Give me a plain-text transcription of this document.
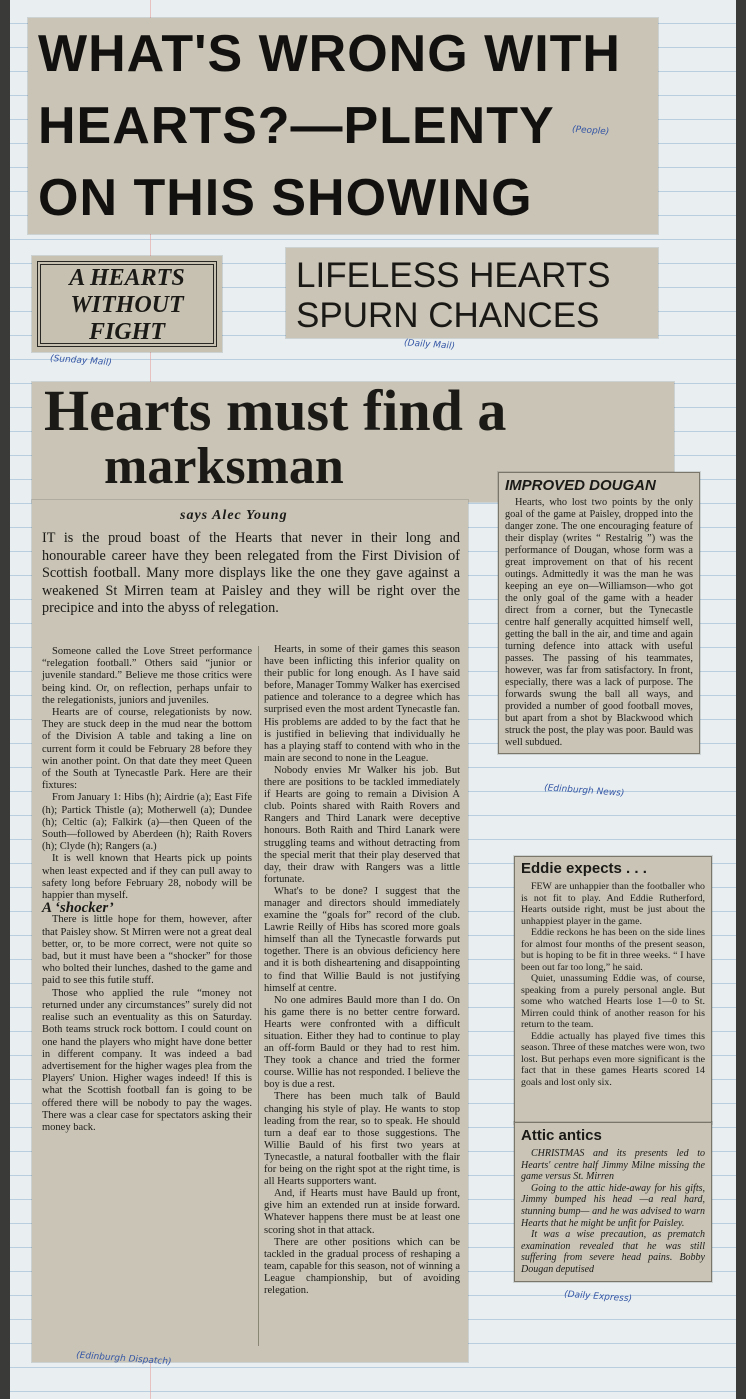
WHAT'S WRONG WITH
HEARTS?—PLENTY
ON THIS SHOWING
(People)
A HEARTS
WITHOUT
FIGHT
(Sunday Mail)
LIFELESS HEARTS
SPURN CHANCES
(Daily Mail)
Hearts must find a
marksman
says Alec Young
IT is the proud boast of the Hearts that never in their long and honourable career have they been relegated from the First Division of Scottish football. Many more displays like the one they gave against a weakened St Mirren team at Paisley and they will be right over the precipice and into the abyss of relegation.

Someone called the Love Street performance “relegation football.” Others said “junior or juvenile standard.” Believe me those critics were being kind. Or, on reflection, perhaps unfair to the relegationists, juniors and juveniles.

Hearts are of course, relegationists by now. They are stuck deep in the mud near the bottom of the Division A table and taking a line on current form it could be February 28 before they win another point. On that date they meet Queen of the South at Tynecastle Park. Here are their fixtures:

From January 1: Hibs (h); Airdrie (a); East Fife (h); Partick Thistle (a); Motherwell (a); Dundee (h); Celtic (a); Falkirk (a)—then Queen of the South—followed by Aberdeen (h); Raith Rovers (h); Clyde (h); Rangers (a.)

It is well known that Hearts pick up points when least expected and if they can pull away to safety long before February 28, nobody will be happier than myself.

A ‘shocker’

There is little hope for them, however, after that Paisley show. St Mirren were not a great deal better, or, to be more correct, were not quite so bad, but it must have been a “shocker” for those who bolted their lunches, dashed to the game and paid to see this futile stuff.

Those who applied the rule “money not returned under any circumstances” surely did not realise such an eventuality as this on Saturday. Both teams struck rock bottom. I could count on one hand the players who might have done better in different company. It was indeed a bad advertisement for the higher wages plea from the Players' Union. Higher wages indeed! If this is what the Scottish football fan is going to be offered there will be nobody to pay the wages. There was a clear case for spectators asking their money back.

Hearts, in some of their games this season have been inflicting this inferior quality on their public for long enough. As I have said before, Manager Tommy Walker has exercised patience and tolerance to a degree which has surprised even the most ardent Tynecastle fan. His problems are added to by the fact that he is justified in believing that individually he has a playing staff to contend with who in the main are second to none in the League.

Nobody envies Mr Walker his job. But there are positions to be tackled immediately if Hearts are going to remain a Division A club. Points shared with Raith Rovers and Rangers and Third Lanark were deceptive honours. Both Raith and Third Lanark were struggling teams and without detracting from the special merit that their play deserved that day, their draw with Rangers was a little fortunate.

What's to be done? I suggest that the manager and directors should immediately examine the “goals for” record of the club. Lawrie Reilly of Hibs has scored more goals himself than all the Tynecastle forwards put together. There is an obvious deficiency here and it is both disheartening and disappointing to find that Willie Bauld is not justifying himself at centre.

No one admires Bauld more than I do. On his game there is no better centre forward. Hearts were confronted with a difficult situation. Either they had to continue to play an off-form Bauld or they had to rest him. They took a chance and tried the former course. Willie has not responded. I believe the boy is due a rest.

There has been much talk of Bauld changing his style of play. He wants to stop leading from the rear, so to speak. He should turn a deaf ear to those suggestions. The Willie Bauld of his first two years at Tynecastle, a natural footballer with the flair for being on the right spot at the right time, is all Hearts supporters want.

And, if Hearts must have Bauld up front, give him an extended run at inside forward. Whatever happens there must be at least one scoring shot in that attack.

There are other positions which can be tackled in the gradual process of reshaping a team, capable for this season, not of winning a League championship, but of avoiding relegation.

(Edinburgh Dispatch)
IMPROVED DOUGAN
Hearts, who lost two points by the only goal of the game at Paisley, dropped into the danger zone. The one encouraging feature of their display (writes “ Restalrig ”) was the performance of Dougan, whose form was a great improvement on that of his recent outings. Admittedly it was the man he was keeping an eye on—Williamson—who got the only goal of the game with a header direct from a corner, but the Tynecastle centre half generally acquitted himself well, getting the ball in the air, and time and again turning defence into attack with useful passes. The passing of his teammates, however, was far from satisfactory. In front, especially, there was a lack of purpose. The forwards swung the ball all ways, and provided a number of good football moves, but apart from a shot by Blackwood which struck the post, the play was poor. Bauld was well subdued.
(Edinburgh News)
Eddie expects . . .

FEW are unhappier than the footballer who is not fit to play. And Eddie Rutherford, Hearts outside right, must be just about the unhappiest player in the game.

Eddie reckons he has been on the side lines for almost four months of the present season, but is hoping to be fit in three weeks. “ I have been out far too long,” he said.

Quiet, unassuming Eddie was, of course, speaking from a purely personal angle. But some who watched Hearts lose 1—0 to St. Mirren could think of another reason for his return to the team.

Eddie actually has played five times this season. Three of these matches were won, two lost. But perhaps even more significant is the fact that in these games Hearts scored 14 goals and lost only six.

Attic antics

CHRISTMAS and its presents led to Hearts' centre half Jimmy Milne missing the game versus St. Mirren

Going to the attic hide-away for his gifts, Jimmy bumped his head —a real hard, stunning bump— and he was advised to warn Hearts that he might be unfit for Paisley.

It was a wise precaution, as prematch examination revealed that he was still suffering from severe head pains. Bobby Dougan deputised

(Daily Express)
